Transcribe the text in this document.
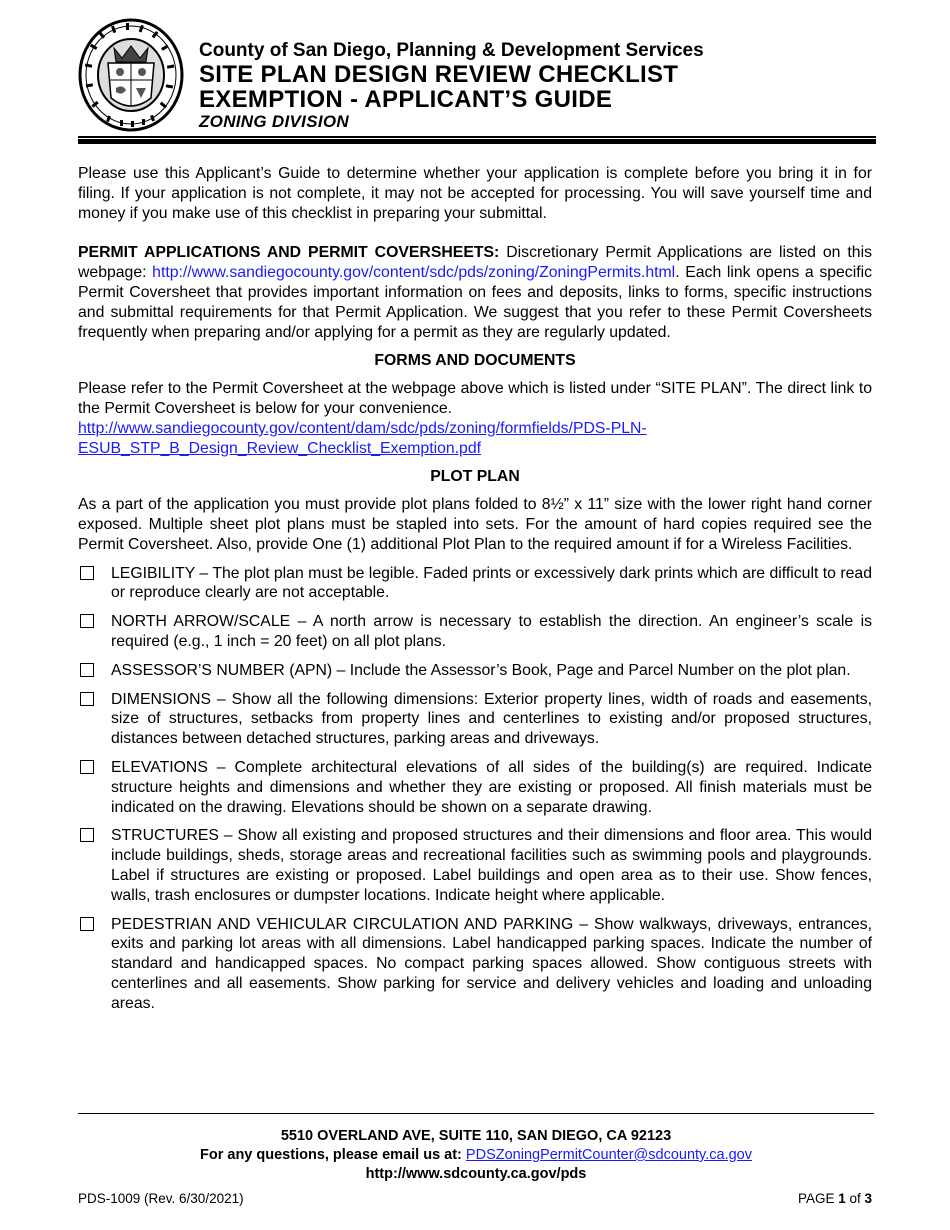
County of San Diego, Planning & Development Services
SITE PLAN DESIGN REVIEW CHECKLIST
EXEMPTION - APPLICANT’S GUIDE
ZONING DIVISION

Please use this Applicant’s Guide to determine whether your application is complete before you bring it in for filing. If your application is not complete, it may not be accepted for processing. You will save yourself time and money if you make use of this checklist in preparing your submittal.

PERMIT APPLICATIONS AND PERMIT COVERSHEETS: Discretionary Permit Applications are listed on this webpage: http://www.sandiegocounty.gov/content/sdc/pds/zoning/ZoningPermits.html. Each link opens a specific Permit Coversheet that provides important information on fees and deposits, links to forms, specific instructions and submittal requirements for that Permit Application. We suggest that you refer to these Permit Coversheets frequently when preparing and/or applying for a permit as they are regularly updated.

FORMS AND DOCUMENTS

Please refer to the Permit Coversheet at the webpage above which is listed under “SITE PLAN”. The direct link to the Permit Coversheet is below for your convenience.

http://www.sandiegocounty.gov/content/dam/sdc/pds/zoning/formfields/PDS-PLN-
ESUB_STP_B_Design_Review_Checklist_Exemption.pdf
PLOT PLAN

As a part of the application you must provide plot plans folded to 8½” x 11” size with the lower right hand corner exposed. Multiple sheet plot plans must be stapled into sets. For the amount of hard copies required see the Permit Coversheet. Also, provide One (1) additional Plot Plan to the required amount if for a Wireless Facilities.

LEGIBILITY – The plot plan must be legible. Faded prints or excessively dark prints which are difficult to read or reproduce clearly are not acceptable.

NORTH ARROW/SCALE – A north arrow is necessary to establish the direction. An engineer’s scale is required (e.g., 1 inch = 20 feet) on all plot plans.

ASSESSOR’S NUMBER (APN) – Include the Assessor’s Book, Page and Parcel Number on the plot plan.

DIMENSIONS – Show all the following dimensions: Exterior property lines, width of roads and easements, size of structures, setbacks from property lines and centerlines to existing and/or proposed structures, distances between detached structures, parking areas and driveways.

ELEVATIONS – Complete architectural elevations of all sides of the building(s) are required. Indicate structure heights and dimensions and whether they are existing or proposed. All finish materials must be indicated on the drawing. Elevations should be shown on a separate drawing.

STRUCTURES – Show all existing and proposed structures and their dimensions and floor area. This would include buildings, sheds, storage areas and recreational facilities such as swimming pools and playgrounds. Label if structures are existing or proposed. Label buildings and open area as to their use. Show fences, walls, trash enclosures or dumpster locations. Indicate height where applicable.

PEDESTRIAN AND VEHICULAR CIRCULATION AND PARKING – Show walkways, driveways, entrances, exits and parking lot areas with all dimensions. Label handicapped parking spaces. Indicate the number of standard and handicapped spaces. No compact parking spaces allowed. Show contiguous streets with centerlines and all easements. Show parking for service and delivery vehicles and loading and unloading areas.

5510 OVERLAND AVE, SUITE 110, SAN DIEGO, CA 92123
For any questions, please email us at: PDSZoningPermitCounter@sdcounty.ca.gov
http://www.sdcounty.ca.gov/pds
PDS-1009 (Rev. 6/30/2021)	PAGE 1 of 3
